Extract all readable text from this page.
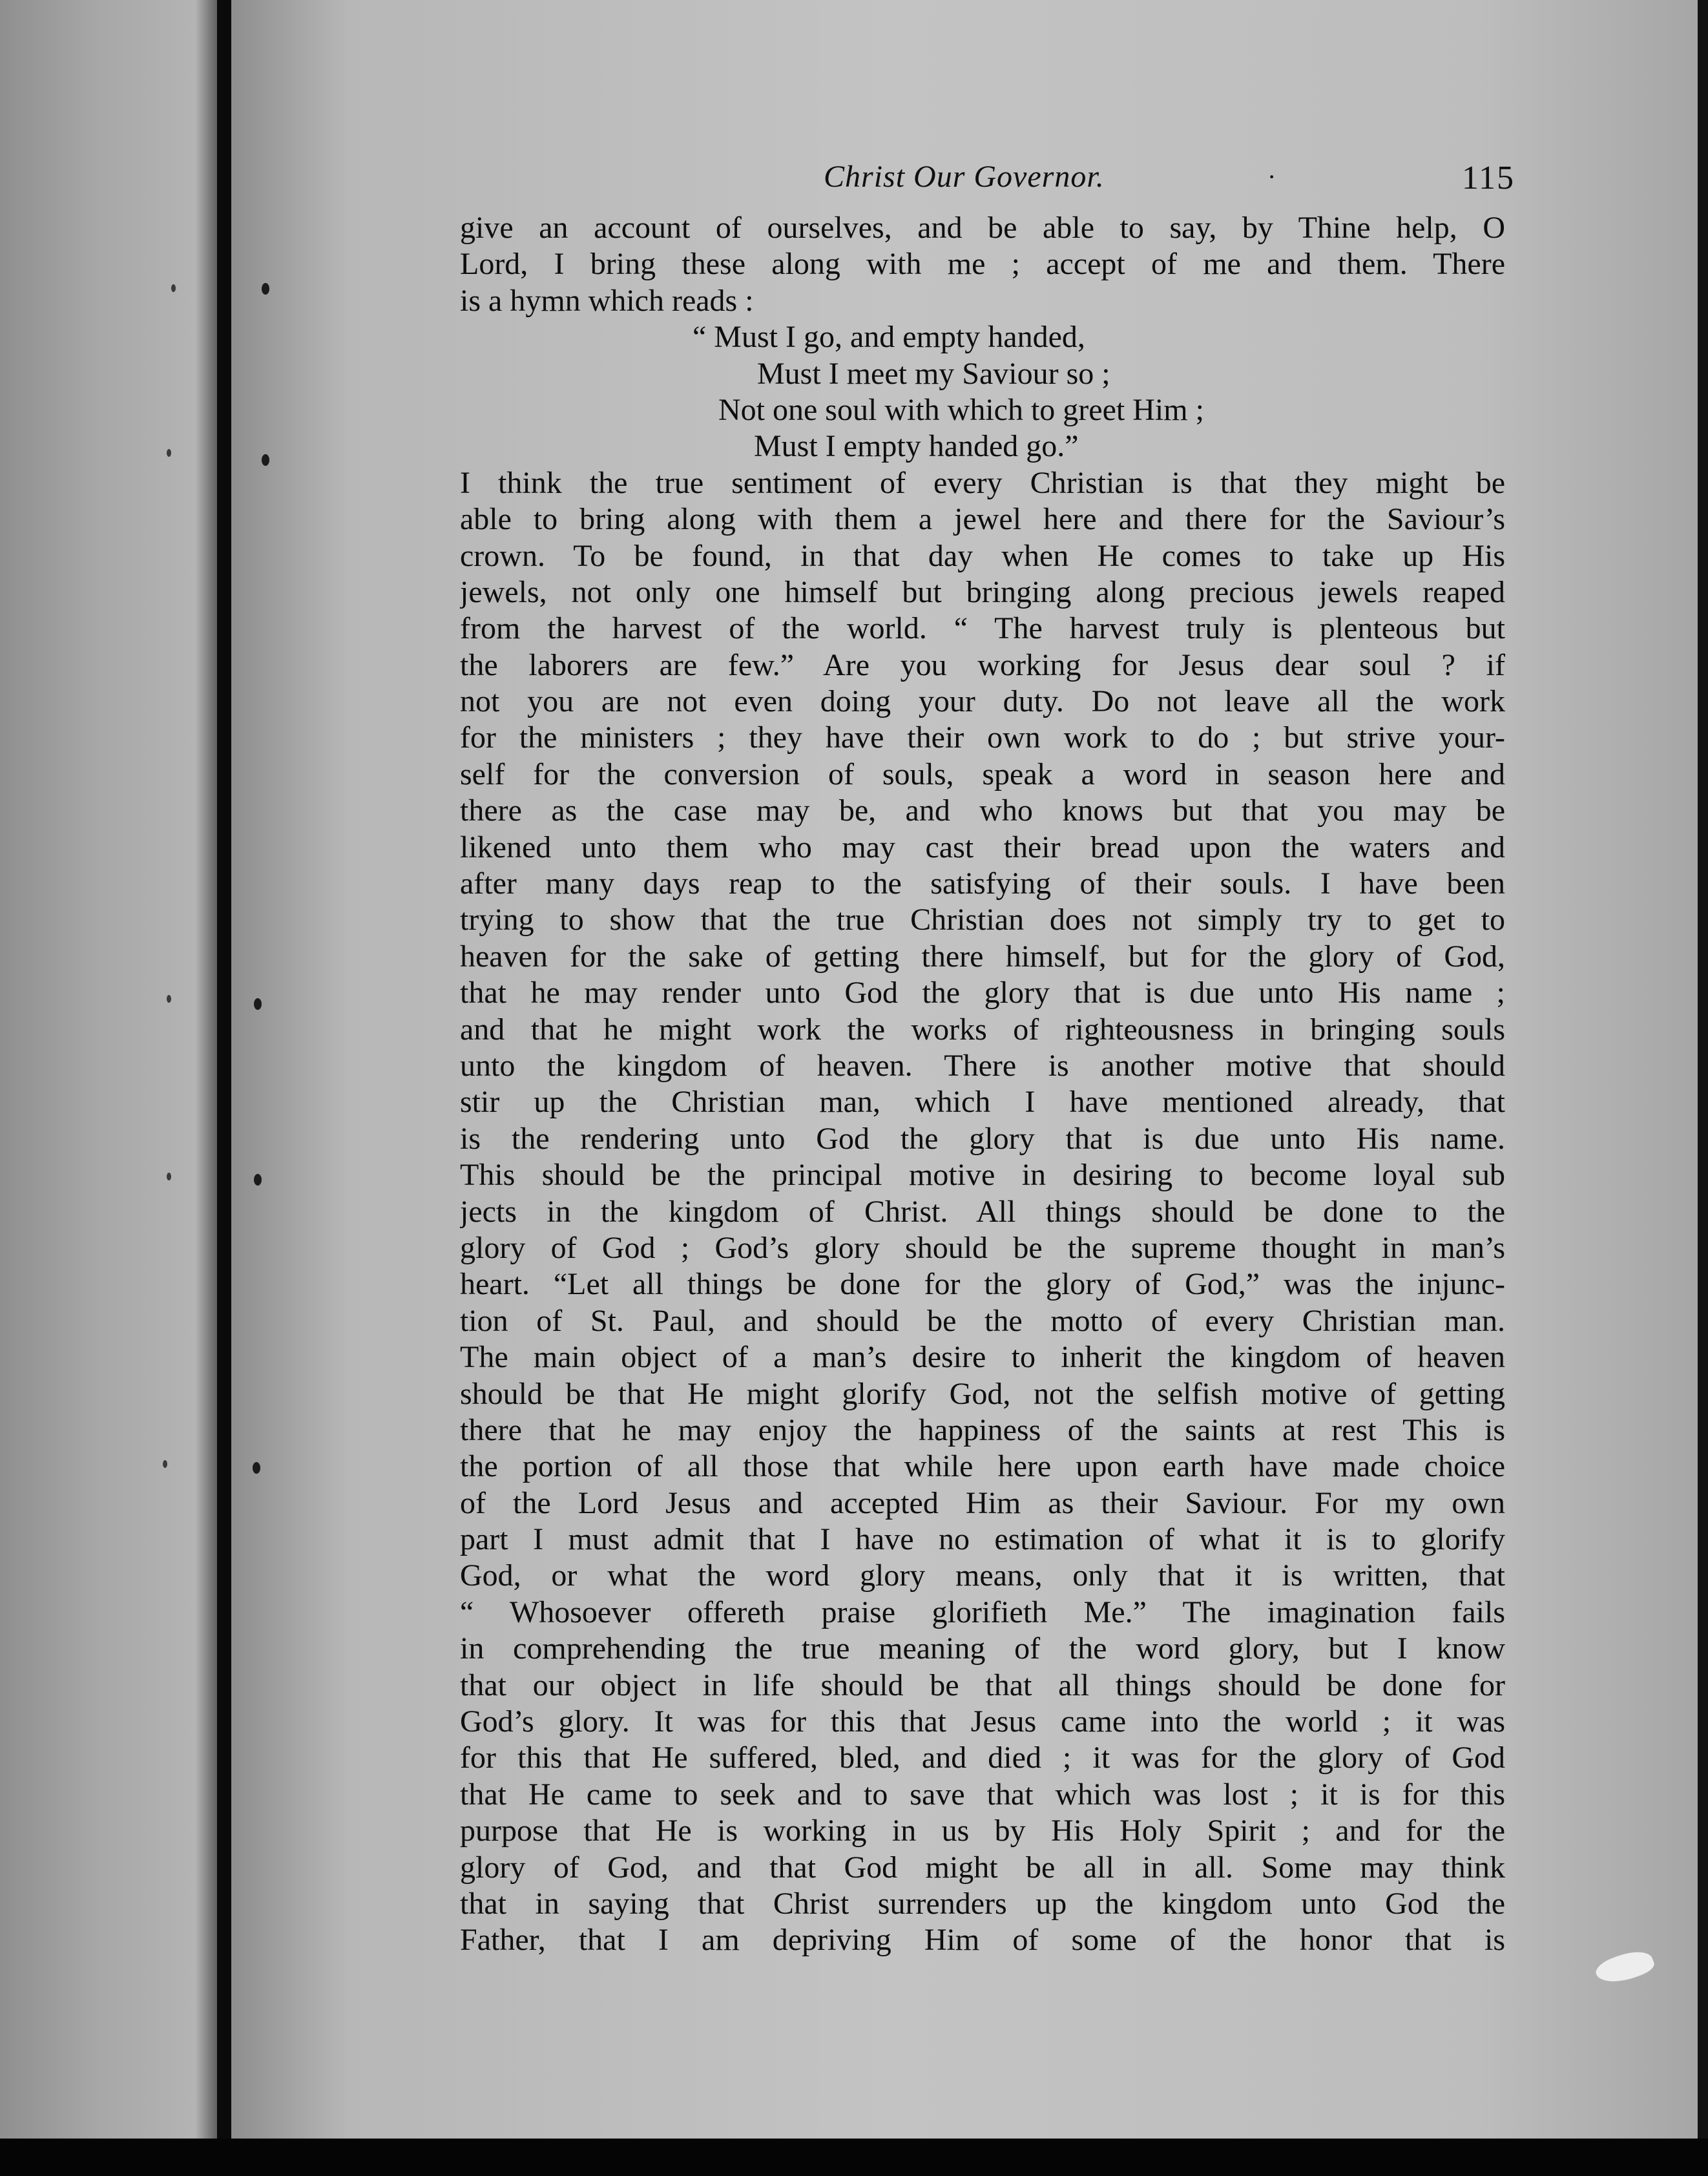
Christ Our Governor.	·	115
give an account of ourselves, and be able to say, by Thine help, O
Lord, I bring these along with me ; accept of me and them. There
is a hymn which reads :
“ Must I go, and empty handed,
Must I meet my Saviour so ;
Not one soul with which to greet Him ;
Must I empty handed go.”
I think the true sentiment of every Christian is that they might be
able to bring along with them a jewel here and there for the Saviour’s
crown. To be found, in that day when He comes to take up His
jewels, not only one himself but bringing along precious jewels reaped
from the harvest of the world. “ The harvest truly is plenteous but
the laborers are few.” Are you working for Jesus dear soul ? if
not you are not even doing your duty. Do not leave all the work
for the ministers ; they have their own work to do ; but strive your-
self for the conversion of souls, speak a word in season here and
there as the case may be, and who knows but that you may be
likened unto them who may cast their bread upon the waters and
after many days reap to the satisfying of their souls. I have been
trying to show that the true Christian does not simply try to get to
heaven for the sake of getting there himself, but for the glory of God,
that he may render unto God the glory that is due unto His name ;
and that he might work the works of righteousness in bringing souls
unto the kingdom of heaven. There is another motive that should
stir up the Christian man, which I have mentioned already, that
is the rendering unto God the glory that is due unto His name.
This should be the principal motive in desiring to become loyal sub
jects in the kingdom of Christ. All things should be done to the
glory of God ; God’s glory should be the supreme thought in man’s
heart. “Let all things be done for the glory of God,” was the injunc-
tion of St. Paul, and should be the motto of every Christian man.
The main object of a man’s desire to inherit the kingdom of heaven
should be that He might glorify God, not the selfish motive of getting
there that he may enjoy the happiness of the saints at rest This is
the portion of all those that while here upon earth have made choice
of the Lord Jesus and accepted Him as their Saviour. For my own
part I must admit that I have no estimation of what it is to glorify
God, or what the word glory means, only that it is written, that
“ Whosoever offereth praise glorifieth Me.” The imagination fails
in comprehending the true meaning of the word glory, but I know
that our object in life should be that all things should be done for
God’s glory. It was for this that Jesus came into the world ; it was
for this that He suffered, bled, and died ; it was for the glory of God
that He came to seek and to save that which was lost ; it is for this
purpose that He is working in us by His Holy Spirit ; and for the
glory of God, and that God might be all in all. Some may think
that in saying that Christ surrenders up the kingdom unto God the
Father, that I am depriving Him of some of the honor that is
